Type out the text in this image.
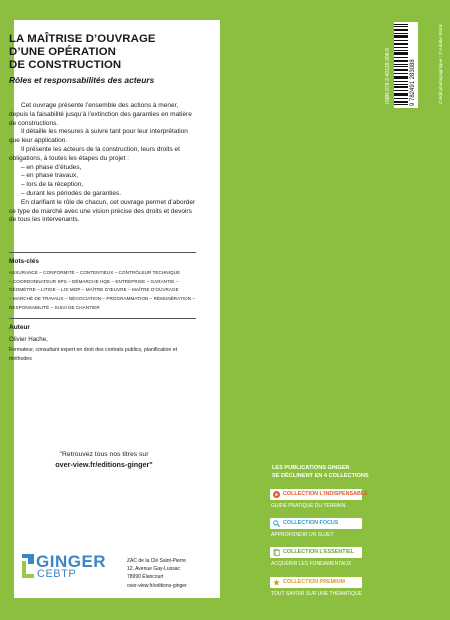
LA MAÎTRISE D’OUVRAGE
D’UNE OPÉRATION
DE CONSTRUCTION
Rôles et responsabilités des acteurs

Cet ouvrage présente l’ensemble des actions à mener, depuis la faisabilité jusqu’à l’extinction des garanties en matière de constructions.

Il détaille les mesures à suivre tant pour leur interprétation que leur application.

Il présente les acteurs de la construction, leurs droits et obligations, à toutes les étapes du projet :

– en phase d’études,

– en phase travaux,

– lors de la réception,

– durant les périodes de garanties.

En clarifiant le rôle de chacun, cet ouvrage permet d’aborder ce type de marché avec une vision précise des droits et devoirs de tous les intervenants.

Mots-clés
ASSURANCE – CONFORMITÉ – CONTENTIEUX – CONTRÔLEUR TECHNIQUE
– COORDONNATEUR SPS – DÉMARCHE HQE – ENTREPRISE – GARANTIE –
GÉOMÈTRE – LITIGE – LOI MOP – MAÎTRE D’ŒUVRE – MAÎTRE D’OUVRAGE
– MARCHÉ DE TRAVAUX – NÉGOCIATION – PROGRAMMATION – RÉMUNÉRATION –
RESPONSABILITÉ – SUIVI DE CHANTIER
Auteur
Olivier Hache,
Formateur, consultant expert en droit des contrats publics, planification et méthodes
"Retrouvez tous nos titres sur
over-view.fr/editions-ginger"
GINGER
CEBTP
ZAC de la Clé Saint-Pierre
12, Avenue Gay-Lussac
78990 Élancourt
over-view.fr/editions-ginger
ISBN 978-2-49128-308-8	9 782491 283088	Crédit photographique : © Adobe Stock
LES PUBLICATIONS GINGER
SE DÉCLINENT EN 4 COLLECTIONS
COLLECTION L’INDISPENSABLE
GUIDE PRATIQUE DU TERRAIN
COLLECTION FOCUS
APPROFONDIR UN SUJET
COLLECTION L’ESSENTIEL
ACQUÉRIR LES FONDAMENTAUX
COLLECTION PREMIUM
TOUT SAVOIR SUR UNE THÉMATIQUE
